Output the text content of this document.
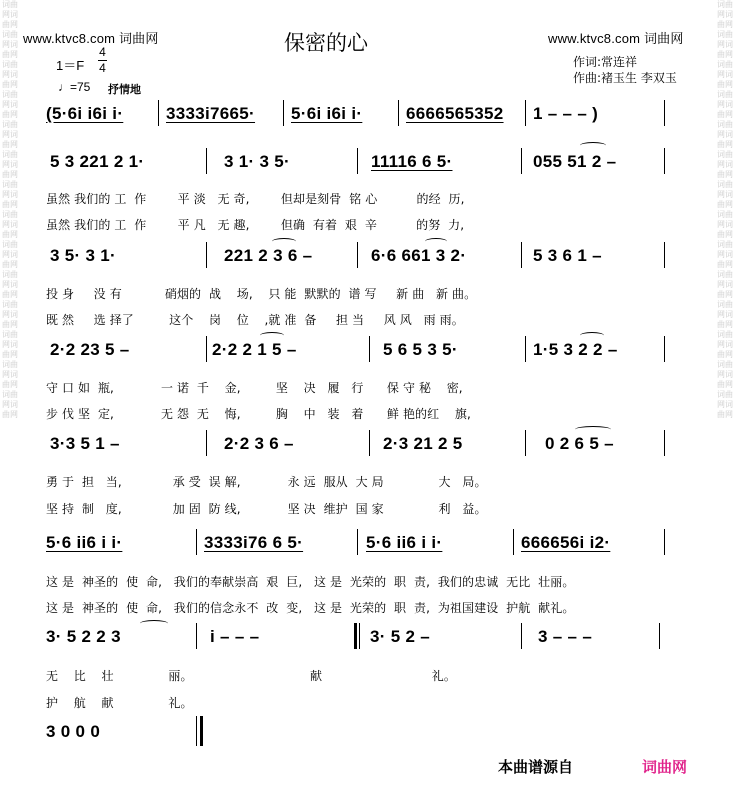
词曲网词曲网词曲网词曲网词曲网词曲网词曲网词曲网词曲网词曲网词曲网词曲网词曲网词曲网词曲网词曲网词曲网词曲网词曲网词曲网词曲网词曲网词曲网词曲网词曲网词曲网词曲网词曲网
词曲网词曲网词曲网词曲网词曲网词曲网词曲网词曲网词曲网词曲网词曲网词曲网词曲网词曲网词曲网词曲网词曲网词曲网词曲网词曲网词曲网词曲网词曲网词曲网词曲网词曲网词曲网词曲网
www.ktvc8.com 词曲网	www.ktvc8.com 词曲网
保密的心
作词:常连祥
作曲:褚玉生 李双玉
1＝F
4
4
♩=75 抒情地
(5·6i i6i i·	3333i7665· 5·6i i6i i·	6666565352 1 – – – )
5 3 221 2 1·	3 1· 3 5·	11116 6 5·	055 51 2 –
3 5· 3 1·	221 2 3 6 –	6·6 661 3 2·	5 3 6 1 –
2·2 23 5 –	2·2 2 1 5 –	5 6 5 3 5·	1·5 3 2 2 –
3·3 5 1 –	2·2 3 6 –	2·3 21 2 5	0 2 6 5 –
5·6 ii6 i i·	3333i76 6 5·	5·6 ii6 i i·	666656i i2·
3· 5 2 2 3	i – – –	3· 5 2 –	3 – – –
3 0 0 0
虽然 我们的 工  作        平 淡   无 奇,        但却是刻骨  铭 心          的经  历,
虽然 我们的 工  作        平 凡   无 趣,        但确  有着  艰  辛          的努  力,
投 身     没 有           硝烟的  战    场,    只 能  默默的  谱 写     新 曲   新 曲。
既 然     选 择了         这个    岗    位    ,就 准  备     担 当     风 风   雨 雨。
守 口 如  瓶,            一 诺  千    金,         坚    决   履   行      保 守 秘    密,
步 伐 坚  定,            无 怨  无    悔,         胸    中   装   着      鲜 艳的红    旗,
勇 于  担   当,             承 受  误 解,            永 远  服从  大 局              大   局。
坚 持  制   度,             加 固  防 线,            坚 决  维护  国 家              利   益。
这 是  神圣的  使  命,   我们的奉献崇高  艰  巨,   这 是  光荣的  职  责,  我们的忠诚  无比  壮丽。
这 是  神圣的  使  命,   我们的信念永不  改  变,   这 是  光荣的  职  责,  为祖国建设  护航  献礼。
无    比    壮              丽。                              献                            礼。
护    航    献              礼。
本曲谱源自	词曲网
